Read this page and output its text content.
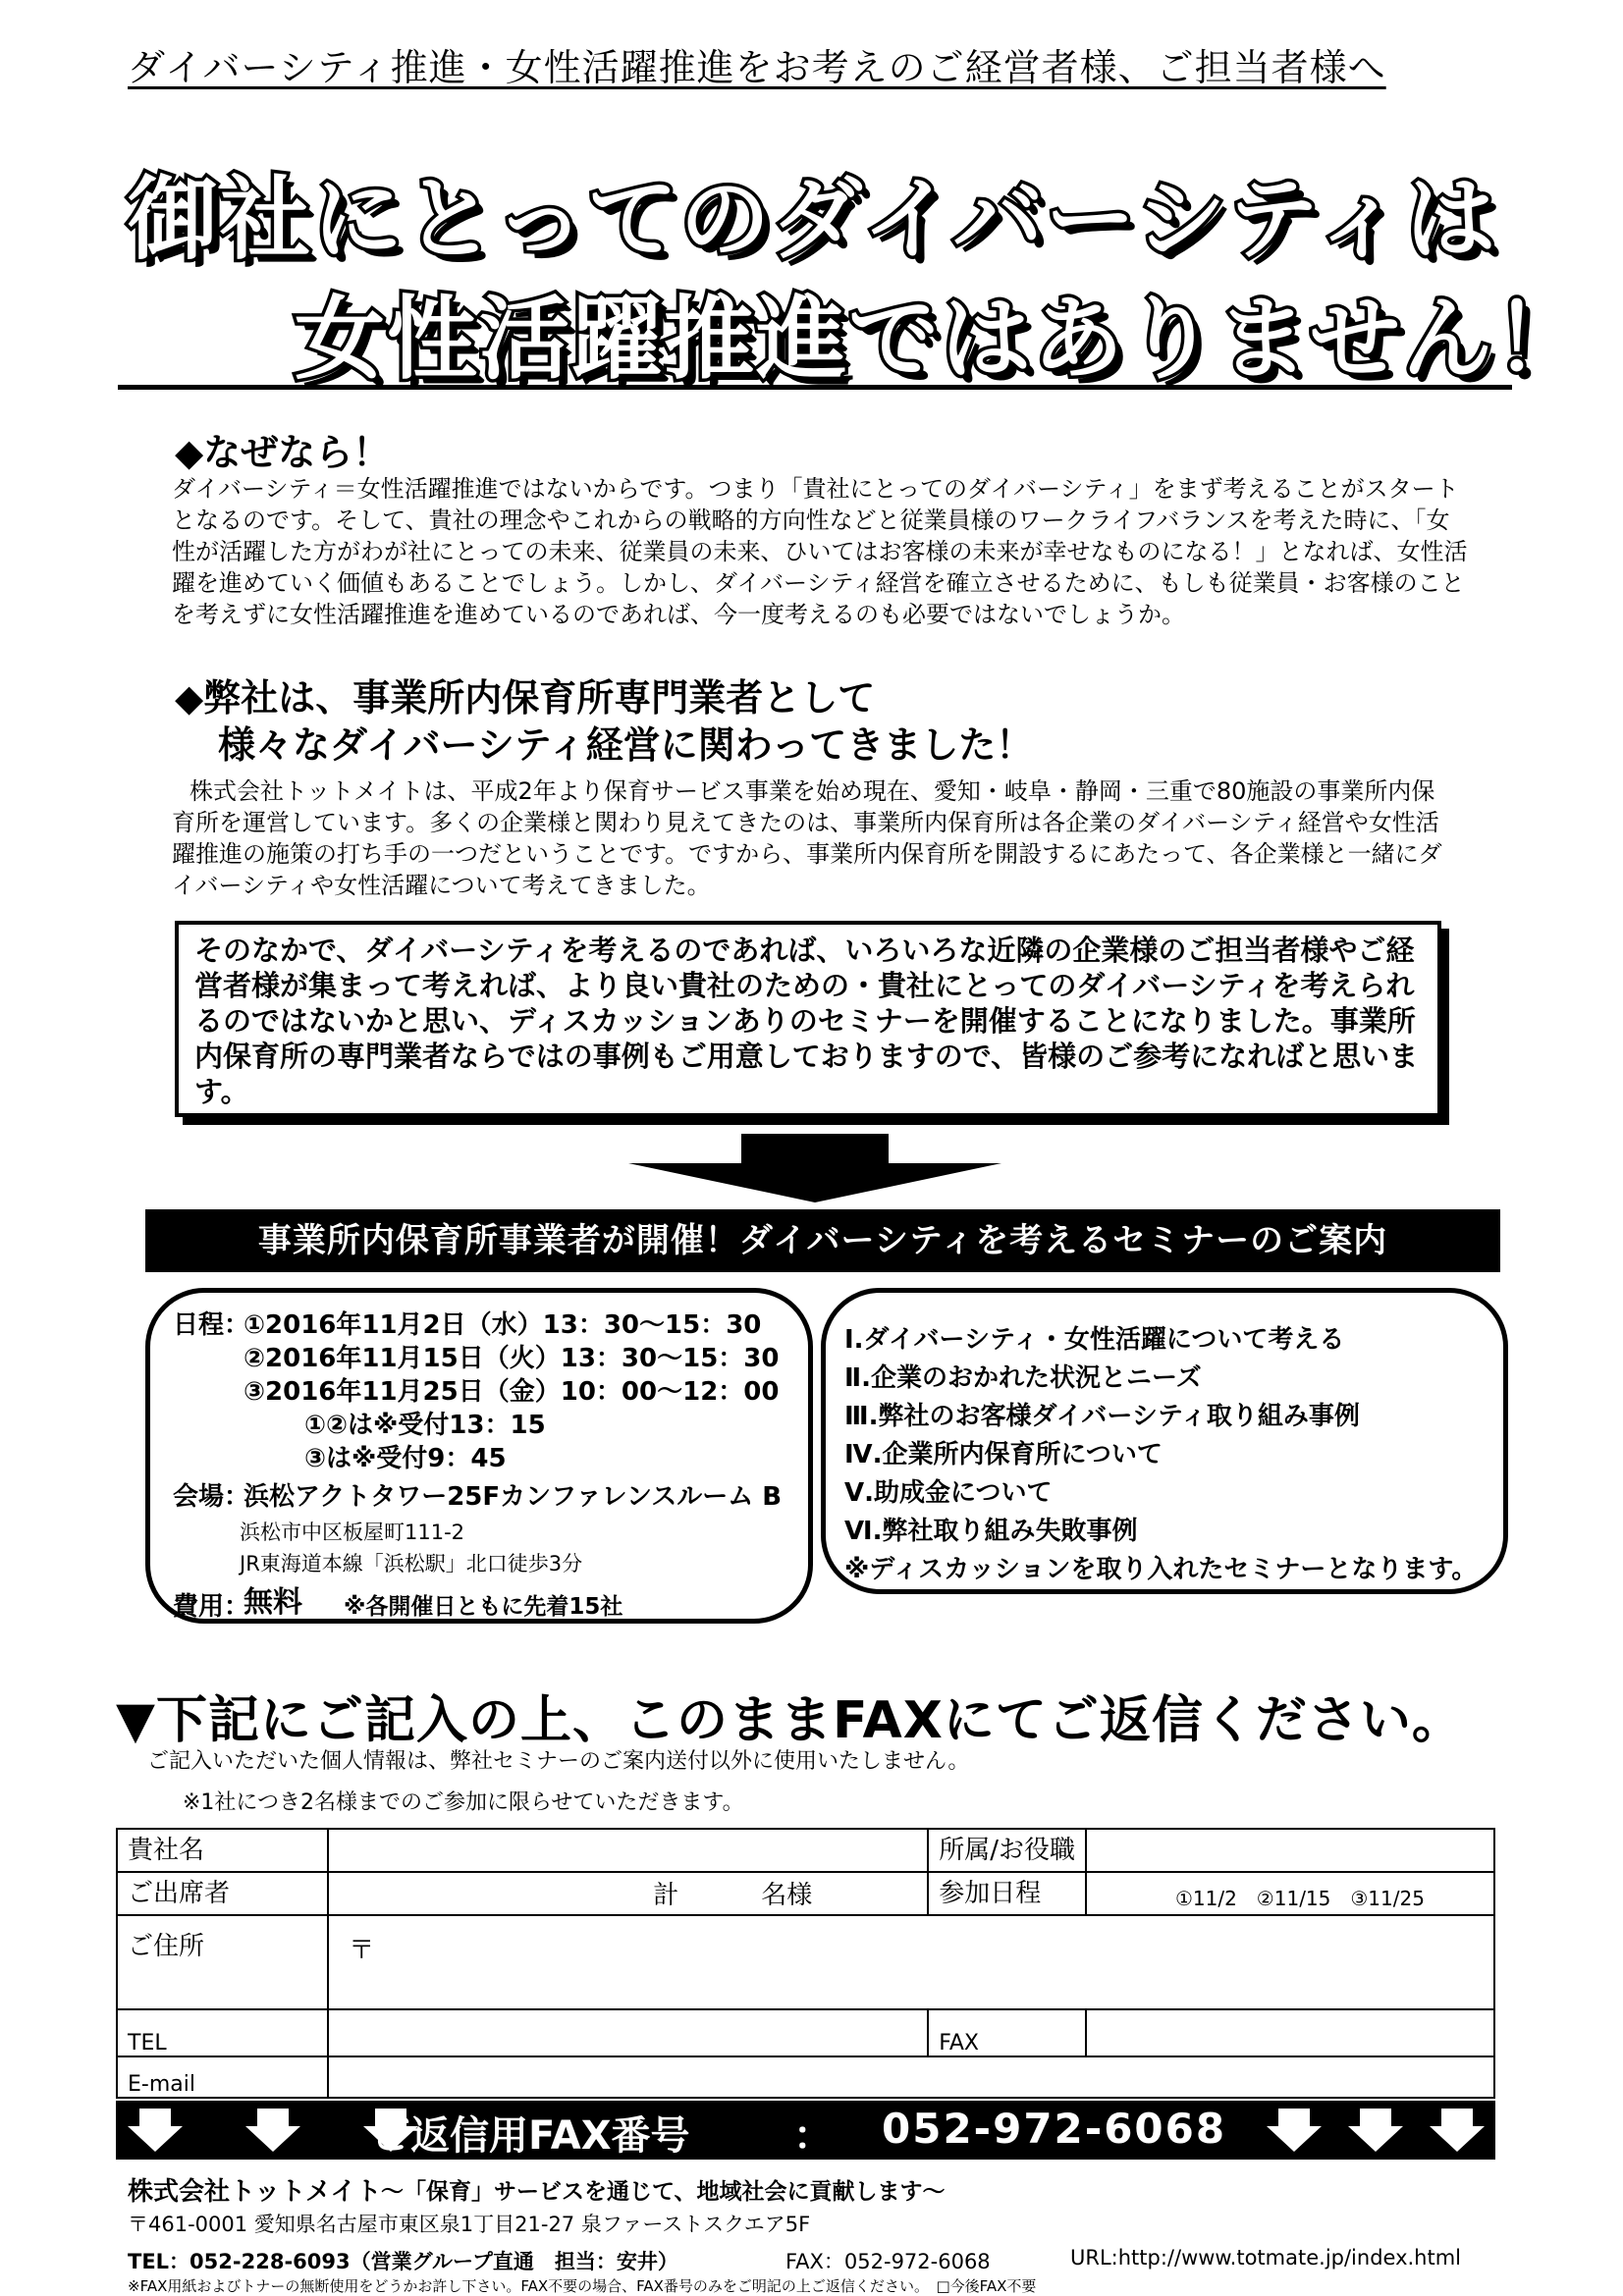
ダイバーシティ推進・女性活躍推進をお考えのご経営者様、ご担当者様へ
御社にとってのダイバーシティは
女性活躍推進ではありません！
◆なぜなら！
ダイバーシティ＝女性活躍推進ではないからです。つまり「貴社にとってのダイバーシティ」をまず考えることがスタートとなるのです。そして、貴社の理念やこれからの戦略的方向性などと従業員様のワークライフバランスを考えた時に、「女性が活躍した方がわが社にとっての未来、従業員の未来、ひいてはお客様の未来が幸せなものになる！」となれば、女性活躍を進めていく価値もあることでしょう。しかし、ダイバーシティ経営を確立させるために、もしも従業員・お客様のことを考えずに女性活躍推進を進めているのであれば、今一度考えるのも必要ではないでしょうか。
◆弊社は、事業所内保育所専門業者として
様々なダイバーシティ経営に関わってきました！
株式会社トットメイトは、平成2年より保育サービス事業を始め現在、愛知・岐阜・静岡・三重で80施設の事業所内保育所を運営しています。多くの企業様と関わり見えてきたのは、事業所内保育所は各企業のダイバーシティ経営や女性活躍推進の施策の打ち手の一つだということです。ですから、事業所内保育所を開設するにあたって、各企業様と一緒にダイバーシティや女性活躍について考えてきました。
そのなかで、ダイバーシティを考えるのであれば、いろいろな近隣の企業様のご担当者様やご経営者様が集まって考えれば、より良い貴社のための・貴社にとってのダイバーシティを考えられるのではないかと思い、ディスカッションありのセミナーを開催することになりました。事業所内保育所の専門業者ならではの事例もご用意しておりますので、皆様のご参考になればと思います。
事業所内保育所事業者が開催！ダイバーシティを考えるセミナーのご案内
日程：
①2016年11月2日（水）13：30～15：30
②2016年11月15日（火）13：30～15：30
③2016年11月25日（金）10：00～12：00
①②は※受付13：15
③は※受付9：45
会場：
浜松アクトタワー25Fカンファレンスルーム B
浜松市中区板屋町111-2
JR東海道本線「浜松駅」北口徒歩3分
費用：
無料 ※各開催日ともに先着15社
Ⅰ.ダイバーシティ・女性活躍について考える
Ⅱ.企業のおかれた状況とニーズ
Ⅲ.弊社のお客様ダイバーシティ取り組み事例
Ⅳ.企業所内保育所について
Ⅴ.助成金について
Ⅵ.弊社取り組み失敗事例
※ディスカッションを取り入れたセミナーとなります。
▼下記にご記入の上、このままFAXにてご返信ください。
ご記入いただいた個人情報は、弊社セミナーのご案内送付以外に使用いたしません。
※1社につき2名様までのご参加に限らせていただきます。
貴社名		所属/お役職	
ご出席者	計 名様	参加日程	①11/2　②11/15　③11/25
ご住所	〒		
TEL		FAX	
E-mail			
ご返信用FAX番号	： 052-972-6068
株式会社トットメイト ～「保育」サービスを通じて、地域社会に貢献します～
〒461-0001 愛知県名古屋市東区泉1丁目21-27 泉ファーストスクエア5F
TEL：052-228-6093（営業グループ直通　担当：安井）	FAX：052-972-6068	URL:http://www.totmate.jp/index.html
※FAX用紙およびトナーの無断使用をどうかお許し下さい。FAX不要の場合、FAX番号のみをご明記の上ご返信ください。　□今後FAX不要
